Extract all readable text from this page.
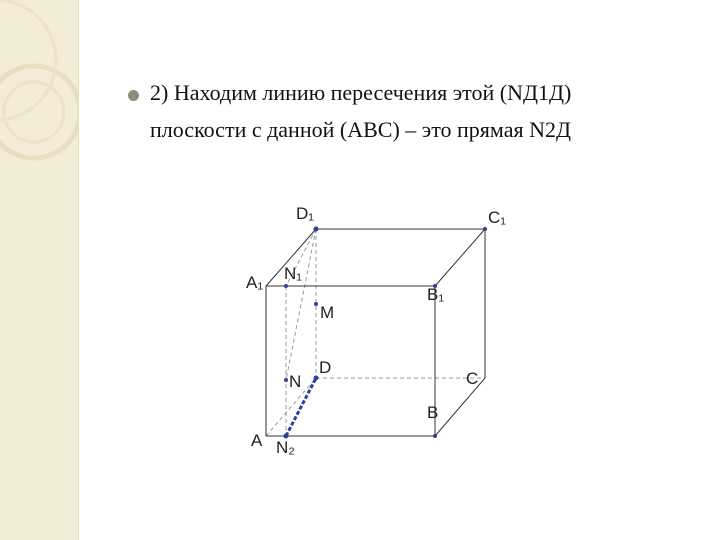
2) Находим линию пересечения этой (NД1Д)
плоскости с данной (ABC) – это прямая N2Д
D₁	C₁
A₁ N₁
B₁
M
D
N	C
B
A N₂
